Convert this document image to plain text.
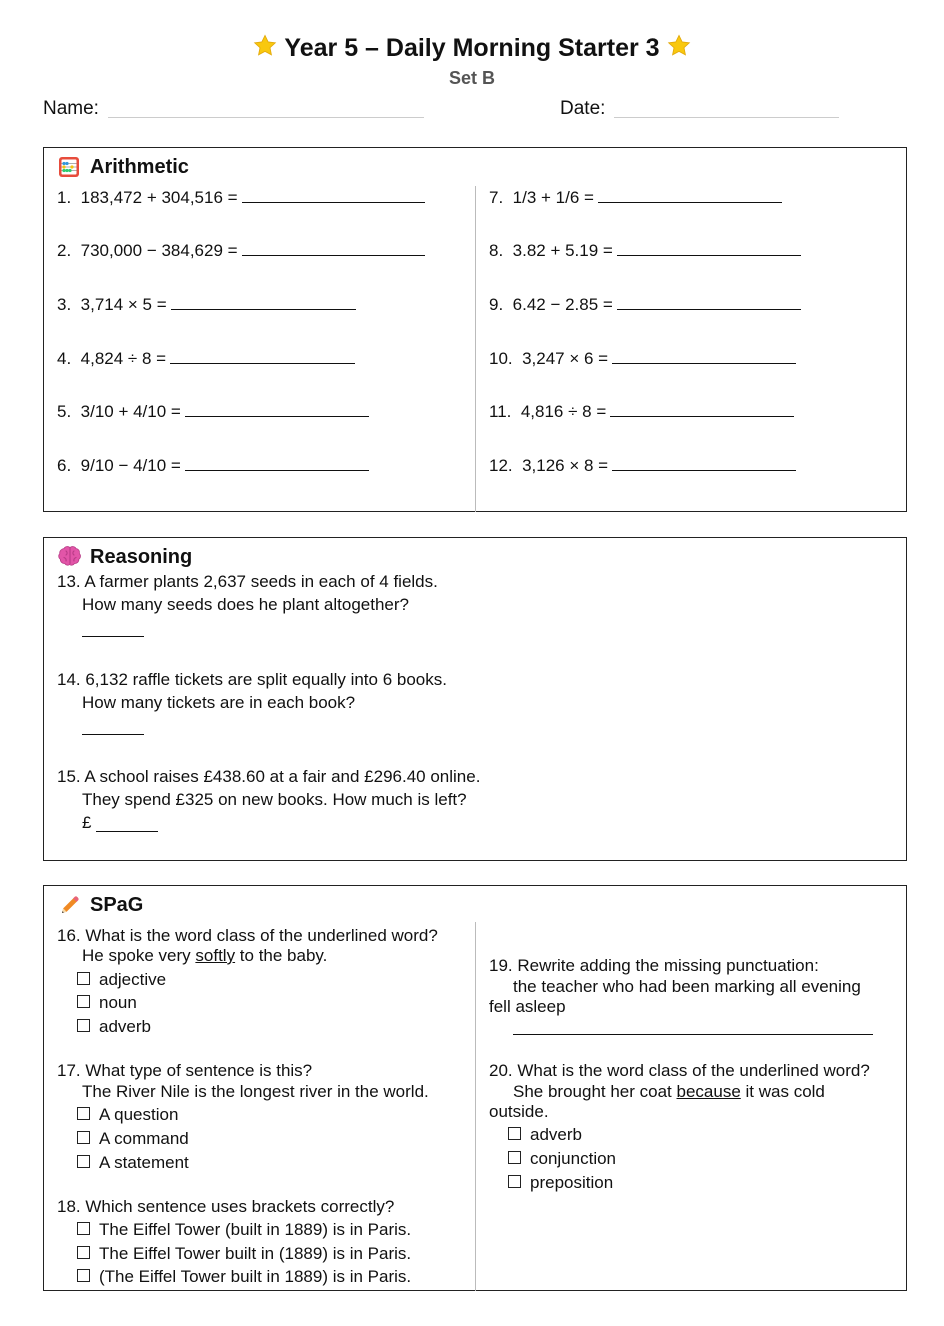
Year 5 – Daily Morning Starter 3
Set B
Name:	Date:
Arithmetic
1. 183,472 + 304,516 =
2. 730,000 − 384,629 =
3. 3,714 × 5 =
4. 4,824 ÷ 8 =
5. 3/10 + 4/10 =
6. 9/10 − 4/10 =
7. 1/3 + 1/6 =
8. 3.82 + 5.19 =
9. 6.42 − 2.85 =
10. 3,247 × 6 =
11. 4,816 ÷ 8 =
12. 3,126 × 8 =
Reasoning
13. A farmer plants 2,637 seeds in each of 4 fields.
How many seeds does he plant altogether?
14. 6,132 raffle tickets are split equally into 6 books.
How many tickets are in each book?
15. A school raises £438.60 at a fair and £296.40 online.
They spend £325 on new books. How much is left?
£
SPaG
16. What is the word class of the underlined word?
He spoke very softly to the baby.
adjective
noun
adverb
17. What type of sentence is this?
The River Nile is the longest river in the world.
A question
A command
A statement
18. Which sentence uses brackets correctly?
The Eiffel Tower (built in 1889) is in Paris.
The Eiffel Tower built in (1889) is in Paris.
(The Eiffel Tower built in 1889) is in Paris.
19. Rewrite adding the missing punctuation:
the teacher who had been marking all evening
fell asleep
20. What is the word class of the underlined word?
She brought her coat because it was cold
outside.
adverb
conjunction
preposition
